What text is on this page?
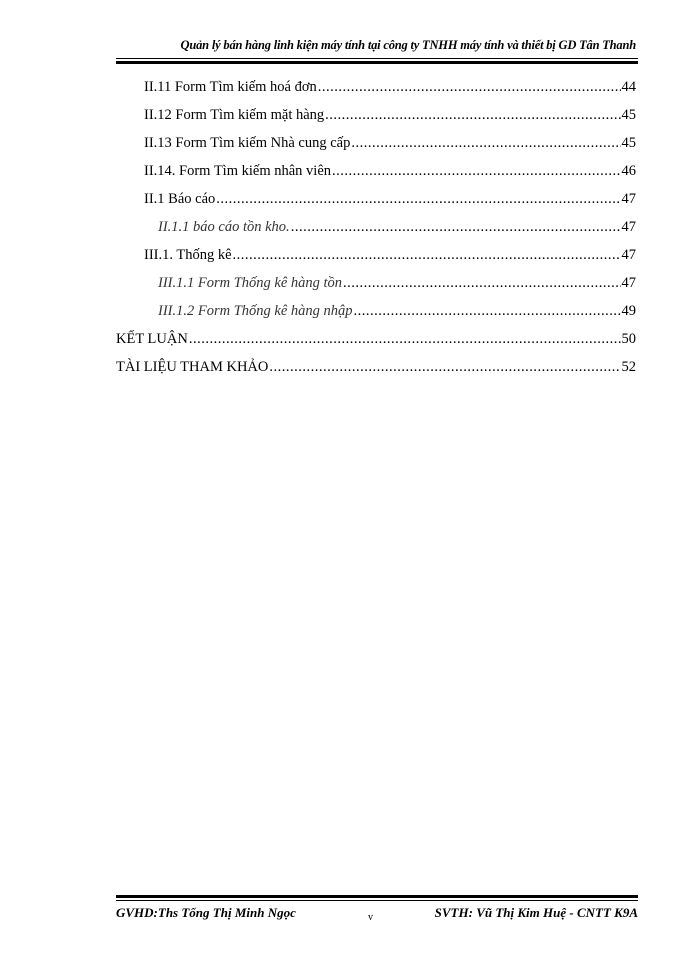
Quản lý bán hàng linh kiện máy tính tại công ty TNHH máy tính và thiết bị GD Tân Thanh
II.11 Form Tìm kiếm hoá đơn .....	44
II.12 Form Tìm kiếm mặt hàng .....	45
II.13 Form Tìm kiếm Nhà cung cấp .....	45
II.14. Form Tìm kiếm nhân viên .....	46
II.1 Báo cáo .....	47
II.1.1 báo cáo tồn kho. .....	47
III.1. Thống kê .....	47
III.1.1 Form Thống kê hàng tồn .....	47
III.1.2 Form Thống kê hàng nhập .....	49
KẾT LUẬN .....	50
TÀI LIỆU THAM KHẢO .....	52
GVHD:Ths Tống Thị Minh Ngọc	v	SVTH: Vũ Thị Kim Huệ - CNTT K9A
